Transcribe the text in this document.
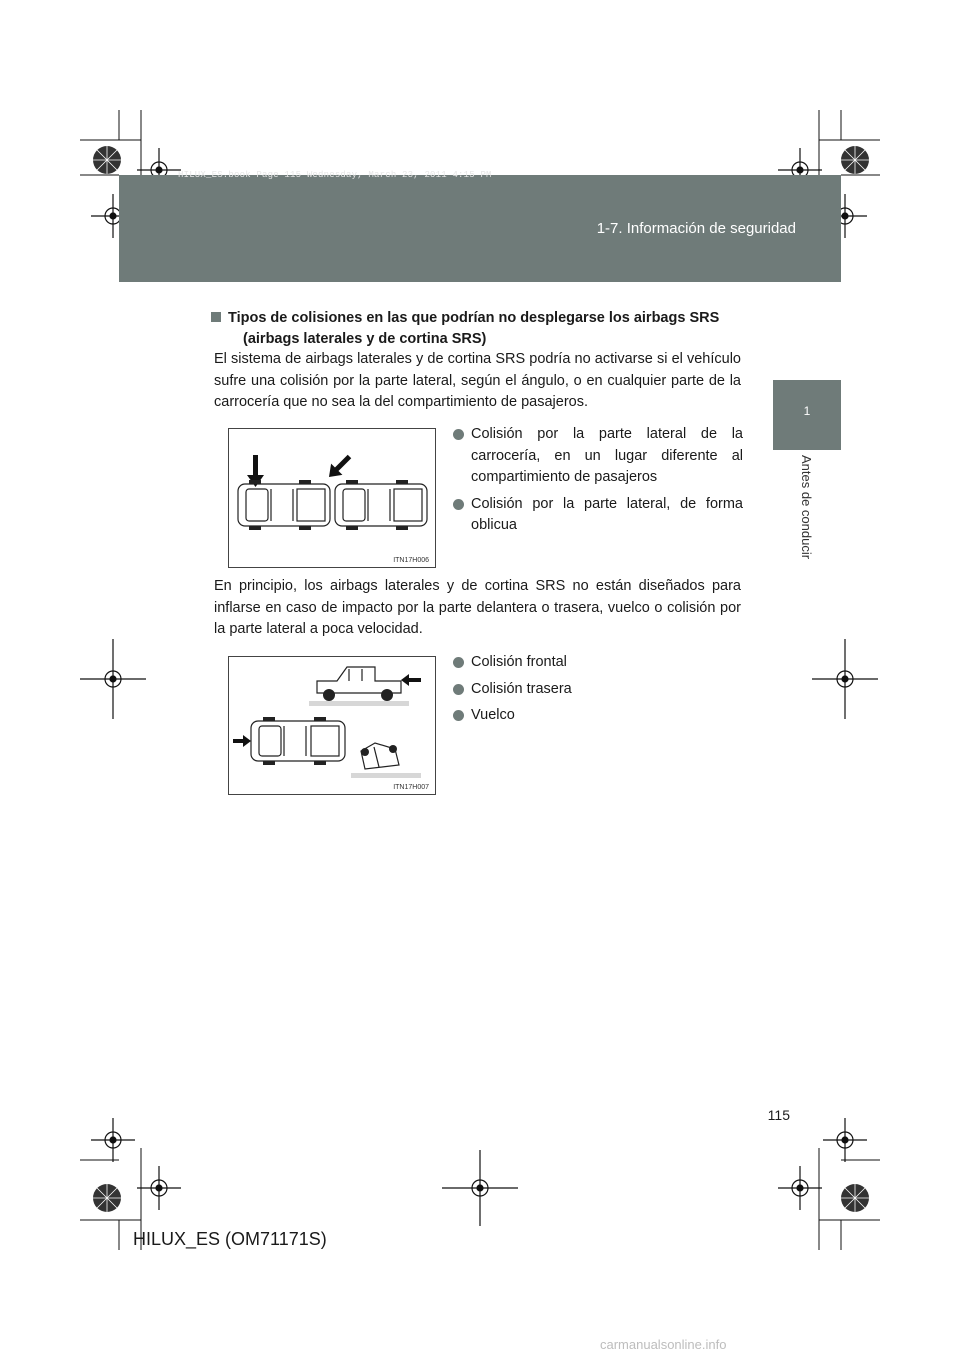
HILUX_ES.book Page 115 Wednesday, March 23, 2011 4:15 PM
1-7. Información de seguridad
1
Antes de conducir
Tipos de colisiones en las que podrían no desplegarse los airbags SRS (airbags laterales y de cortina SRS)
El sistema de airbags laterales y de cortina SRS podría no activarse si el vehículo sufre una colisión por la parte lateral, según el ángulo, o en cualquier parte de la carrocería que no sea la del compartimiento de pasajeros.
ITN17H006
Colisión por la parte lateral de la carrocería, en un lugar diferente al compartimiento de pasajeros
Colisión por la parte lateral, de forma oblicua
En principio, los airbags laterales y de cortina SRS no están diseñados para inflarse en caso de impacto por la parte delantera o trasera, vuelco o colisión por la parte lateral a poca velocidad.
ITN17H007
Colisión frontal
Colisión trasera
Vuelco
115
HILUX_ES (OM71171S)
carmanualsonline.info
